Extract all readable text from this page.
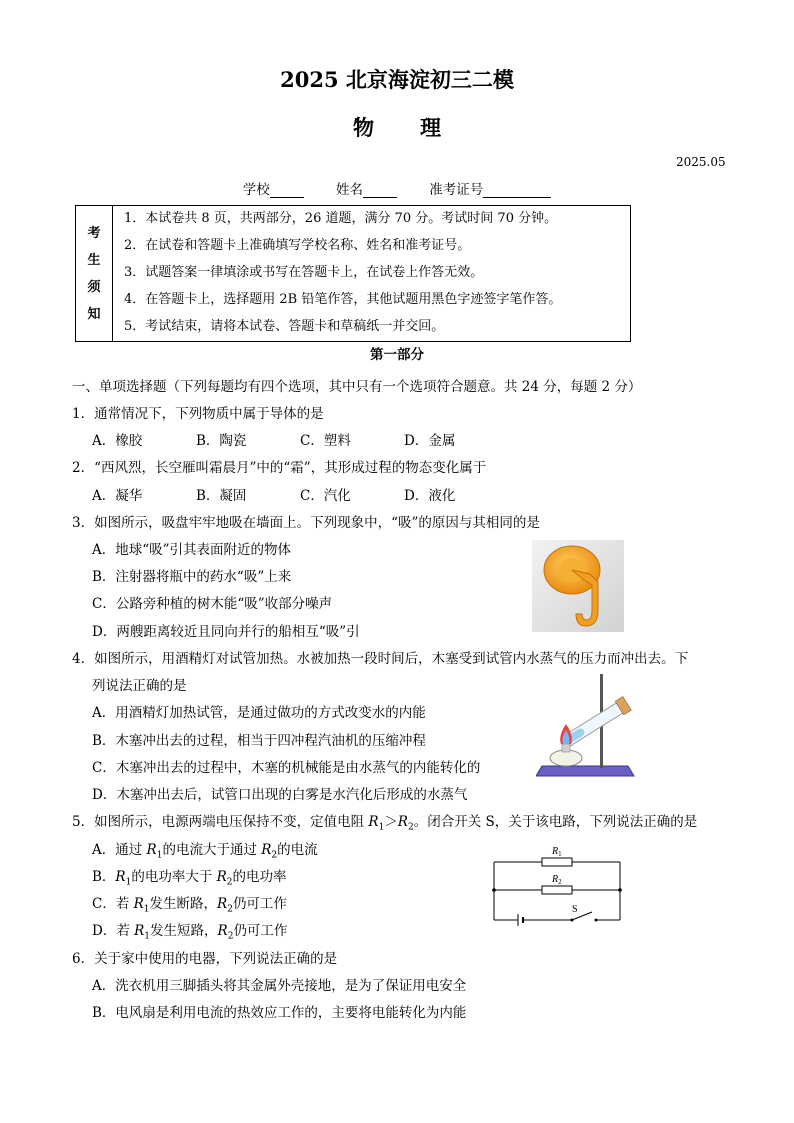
2025 北京海淀初三二模
物 理
2025.05
学校	姓名	准考证号
考
生
须
知
1．本试卷共 8 页，共两部分，26 道题，满分 70 分。考试时间 70 分钟。
2．在试卷和答题卡上准确填写学校名称、姓名和准考证号。
3．试题答案一律填涂或书写在答题卡上，在试卷上作答无效。
4．在答题卡上，选择题用 2B 铅笔作答，其他试题用黑色字迹签字笔作答。
5．考试结束，请将本试卷、答题卡和草稿纸一并交回。
第一部分
一、单项选择题（下列每题均有四个选项，其中只有一个选项符合题意。共 24 分，每题 2 分）
1．通常情况下，下列物质中属于导体的是
A．橡胶	B．陶瓷	C．塑料	D．金属
2．“西风烈，长空雁叫霜晨月”中的“霜”，其形成过程的物态变化属于
A．凝华	B．凝固	C．汽化	D．液化
3．如图所示，吸盘牢牢地吸在墙面上。下列现象中，“吸”的原因与其相同的是
A．地球“吸”引其表面附近的物体
B．注射器将瓶中的药水“吸”上来
C．公路旁种植的树木能“吸”收部分噪声
D．两艘距离较近且同向并行的船相互“吸”引
4．如图所示，用酒精灯对试管加热。水被加热一段时间后，木塞受到试管内水蒸气的压力而冲出去。下
列说法正确的是
A．用酒精灯加热试管，是通过做功的方式改变水的内能
B．木塞冲出去的过程，相当于四冲程汽油机的压缩冲程
C．木塞冲出去的过程中，木塞的机械能是由水蒸气的内能转化的
D．木塞冲出去后，试管口出现的白雾是水汽化后形成的水蒸气
5．如图所示，电源两端电压保持不变，定值电阻 $R_1>R_2$。闭合开关 S，关于该电路，下列说法正确的是
A．通过 $R_1$的电流大于通过 $R_2$的电流
B．$R_1$的电功率大于 $R_2$的电功率
C．若 $R_1$发生断路，$R_2$仍可工作
D．若 $R_1$发生短路，$R_2$仍可工作
$R_1$
$R_2$
S
6．关于家中使用的电器，下列说法正确的是
A．洗衣机用三脚插头将其金属外壳接地，是为了保证用电安全
B．电风扇是利用电流的热效应工作的，主要将电能转化为内能
